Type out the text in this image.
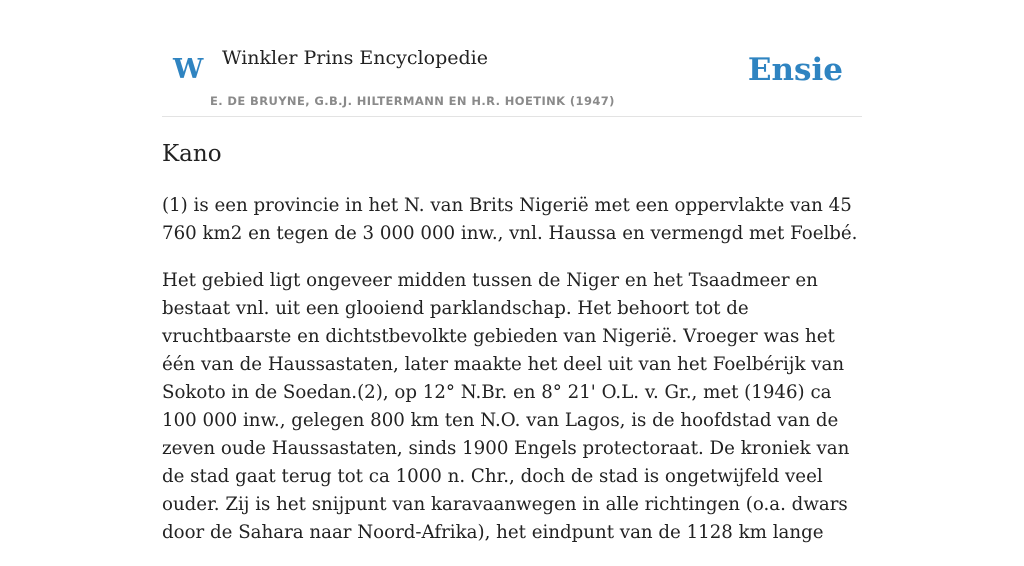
W Winkler Prins Encyclopedie
E. DE BRUYNE, G.B.J. HILTERMANN EN H.R. HOETINK (1947)
Ensie
Kano

(1) is een provincie in het N. van Brits Nigerië met een oppervlakte van 45 760 km2 en tegen de 3 000 000 inw., vnl. Haussa en vermengd met Foelbé.

Het gebied ligt ongeveer midden tussen de Niger en het Tsaadmeer en bestaat vnl. uit een glooiend parklandschap. Het behoort tot de vruchtbaarste en dichtstbevolkte gebieden van Nigerië. Vroeger was het één van de Haussastaten, later maakte het deel uit van het Foelbérijk van Sokoto in de Soedan.(2), op 12° N.Br. en 8° 21' O.L. v. Gr., met (1946) ca 100 000 inw., gelegen 800 km ten N.O. van Lagos, is de hoofdstad van de zeven oude Haussastaten, sinds 1900 Engels protectoraat. De kroniek van de stad gaat terug tot ca 1000 n. Chr., doch de stad is ongetwijfeld veel ouder. Zij is het snijpunt van karavaanwegen in alle richtingen (o.a. dwars door de Sahara naar Noord-Afrika), het eindpunt van de 1128 km lange
